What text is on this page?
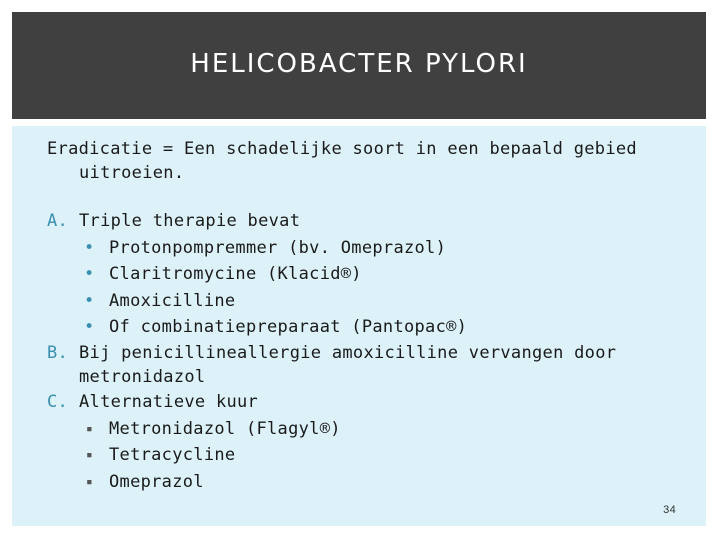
HELICOBACTER PYLORI
Eradicatie = Een schadelijke soort in een bepaald gebied
uitroeien.
A. Triple therapie bevat
• Protonpompremmer (bv. Omeprazol)
• Claritromycine (Klacid®)
• Amoxicilline
• Of combinatiepreparaat (Pantopac®)
B. Bij penicillineallergie amoxicilline vervangen door
metronidazol
C. Alternatieve kuur
▪ Metronidazol (Flagyl®)
▪ Tetracycline
▪ Omeprazol
34
